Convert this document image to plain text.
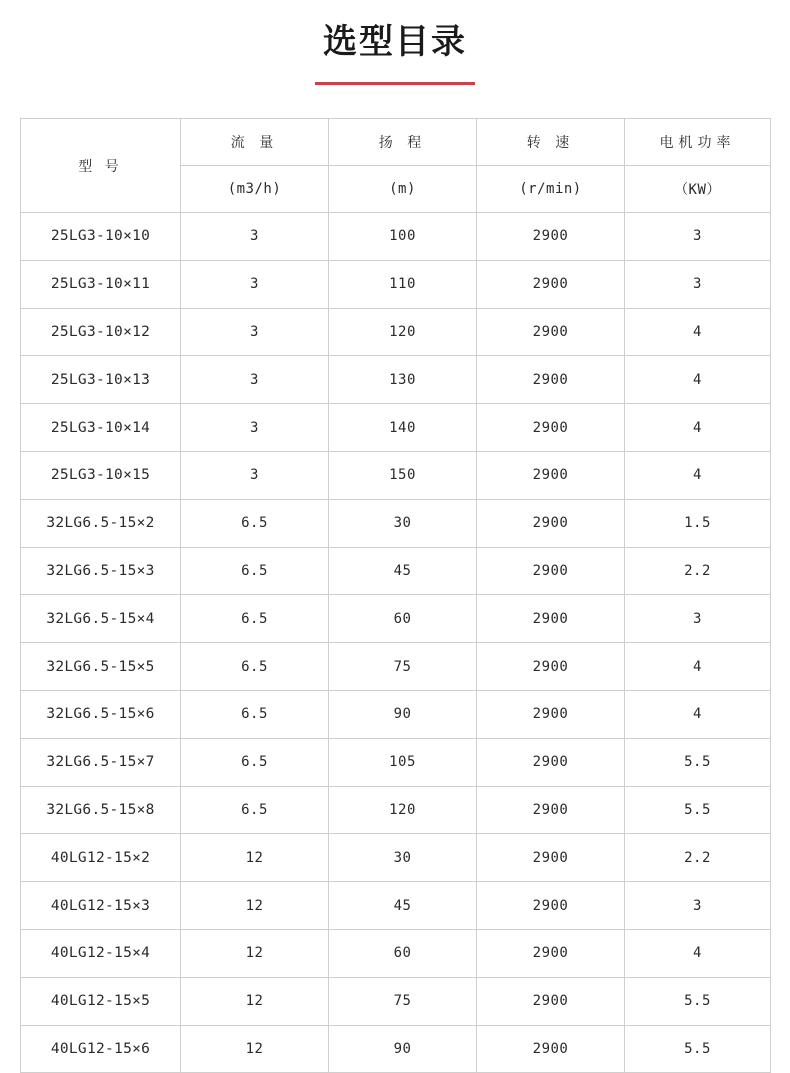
选型目录
型 号	流 量	扬 程	转 速	电机功率
	(m3/h)	(m)	(r/min)	（KW）
25LG3-10×10	3	100	2900	3
25LG3-10×11	3	110	2900	3
25LG3-10×12	3	120	2900	4
25LG3-10×13	3	130	2900	4
25LG3-10×14	3	140	2900	4
25LG3-10×15	3	150	2900	4
32LG6.5-15×2	6.5	30	2900	1.5
32LG6.5-15×3	6.5	45	2900	2.2
32LG6.5-15×4	6.5	60	2900	3
32LG6.5-15×5	6.5	75	2900	4
32LG6.5-15×6	6.5	90	2900	4
32LG6.5-15×7	6.5	105	2900	5.5
32LG6.5-15×8	6.5	120	2900	5.5
40LG12-15×2	12	30	2900	2.2
40LG12-15×3	12	45	2900	3
40LG12-15×4	12	60	2900	4
40LG12-15×5	12	75	2900	5.5
40LG12-15×6	12	90	2900	5.5
